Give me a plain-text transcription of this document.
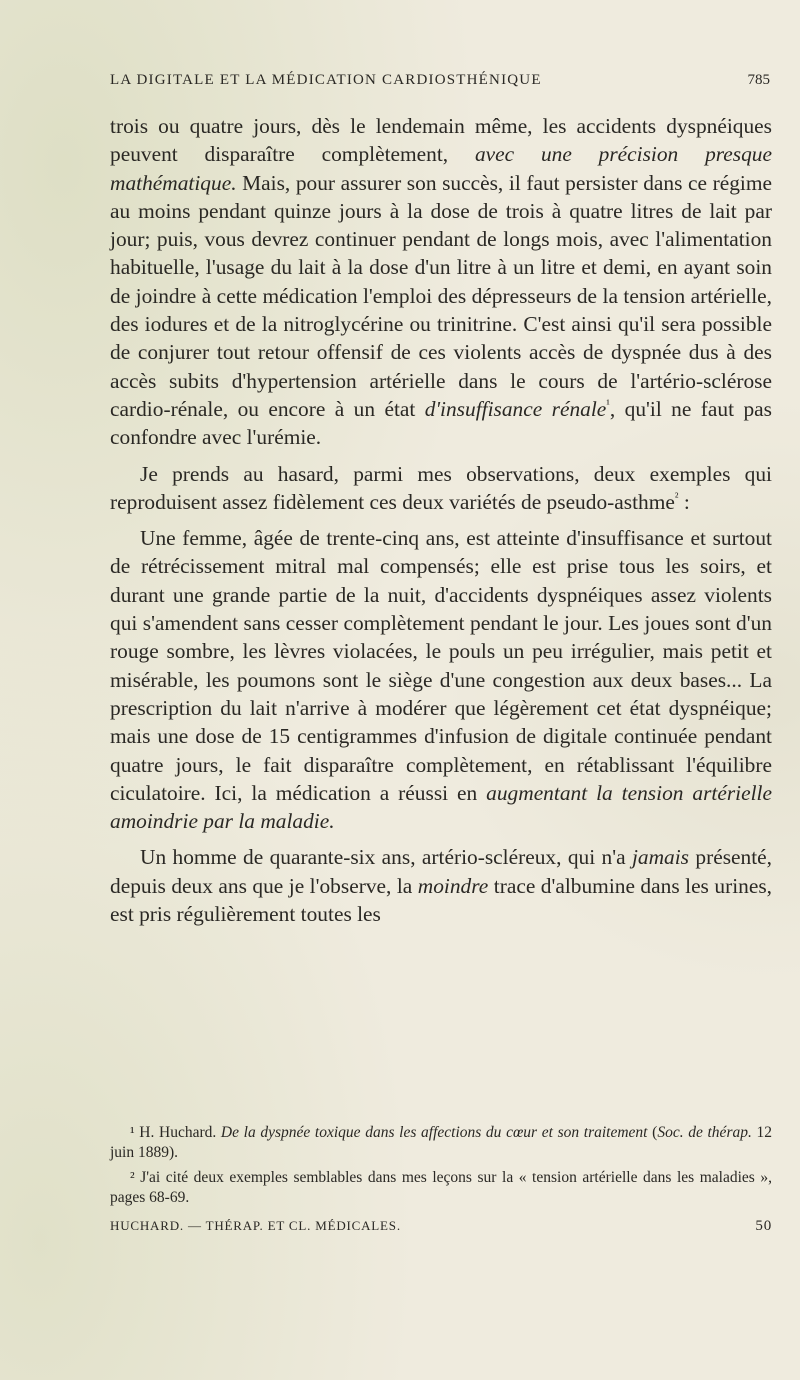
LA DIGITALE ET LA MÉDICATION CARDIOSTHÉNIQUE	785

trois ou quatre jours, dès le lendemain même, les accidents dyspnéiques peuvent disparaître complètement, avec une précision presque mathématique. Mais, pour assurer son succès, il faut persister dans ce régime au moins pendant quinze jours à la dose de trois à quatre litres de lait par jour; puis, vous devrez continuer pendant de longs mois, avec l'alimentation habituelle, l'usage du lait à la dose d'un litre à un litre et demi, en ayant soin de joindre à cette médication l'emploi des dépresseurs de la tension artérielle, des iodures et de la nitroglycérine ou trinitrine. C'est ainsi qu'il sera possible de conjurer tout retour offensif de ces violents accès de dyspnée dus à des accès subits d'hypertension artérielle dans le cours de l'artério-sclérose cardio-rénale, ou encore à un état d'insuffisance rénale$^{^1}$, qu'il ne faut pas confondre avec l'urémie.

Je prends au hasard, parmi mes observations, deux exemples qui reproduisent assez fidèlement ces deux variétés de pseudo-asthme$^{^2}$ :

Une femme, âgée de trente-cinq ans, est atteinte d'insuffisance et surtout de rétrécissement mitral mal compensés; elle est prise tous les soirs, et durant une grande partie de la nuit, d'accidents dyspnéiques assez violents qui s'amendent sans cesser complètement pendant le jour. Les joues sont d'un rouge sombre, les lèvres violacées, le pouls un peu irrégulier, mais petit et misérable, les poumons sont le siège d'une congestion aux deux bases... La prescription du lait n'arrive à modérer que légèrement cet état dyspnéique; mais une dose de 15 centigrammes d'infusion de digitale continuée pendant quatre jours, le fait disparaître complètement, en rétablissant l'équilibre ciculatoire. Ici, la médication a réussi en augmentant la tension artérielle amoindrie par la maladie.

Un homme de quarante-six ans, artério-scléreux, qui n'a jamais présenté, depuis deux ans que je l'observe, la moindre trace d'albumine dans les urines, est pris régulièrement toutes les

¹ H. Huchard. De la dyspnée toxique dans les affections du cœur et son traitement (Soc. de thérap. 12 juin 1889).

² J'ai cité deux exemples semblables dans mes leçons sur la « tension artérielle dans les maladies », pages 68-69.

HUCHARD. — THÉRAP. ET CL. MÉDICALES.	50
